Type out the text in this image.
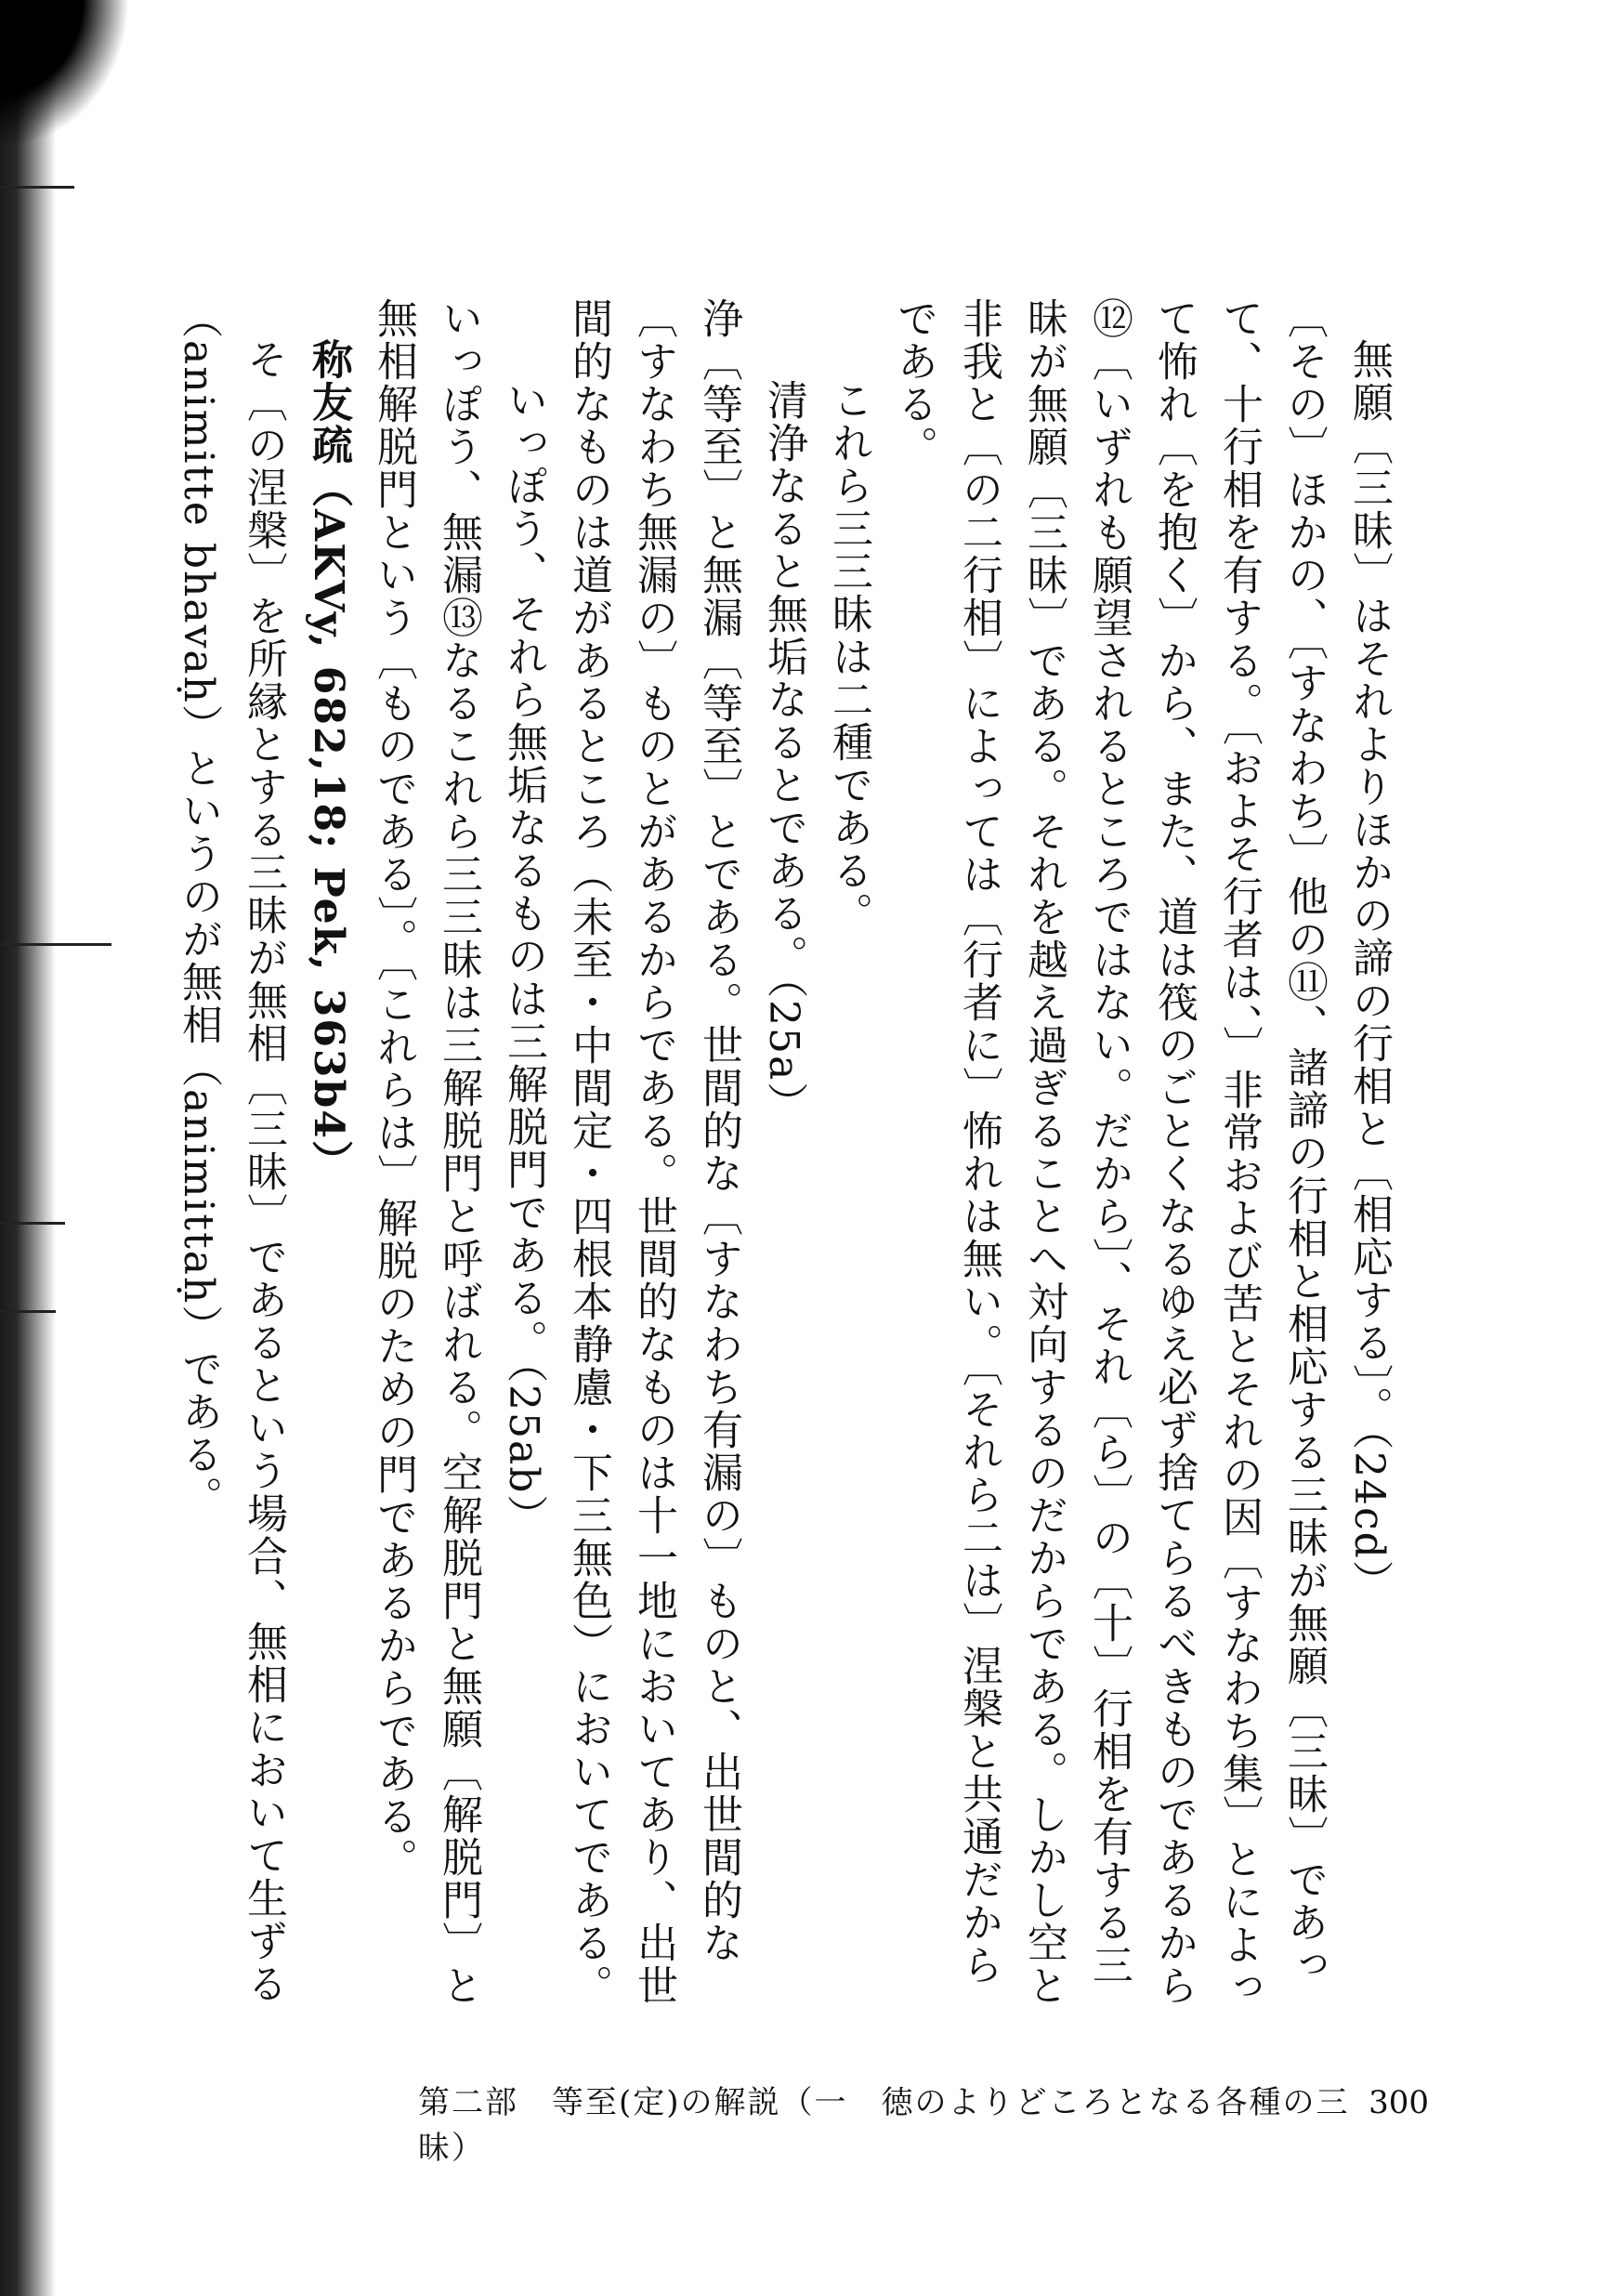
無願〔三昧〕はそれよりほかの諦の行相と〔相応する〕。（24cd）

〔その〕ほかの、〔すなわち〕他の⑪、諸諦の行相と相応する三昧が無願〔三昧〕であって、十行相を有する。〔およそ行者は、〕非常および苦とそれの因〔すなわち集〕とによって怖れ〔を抱く〕から、また、道は筏のごとくなるゆえ必ず捨てらるべきものであるから⑫〔いずれも願望されるところではない。だから〕、それ〔ら〕の〔十〕行相を有する三昧が無願〔三昧〕である。それを越え過ぎることへ対向するのだからである。しかし空と非我と〔の二行相〕によっては〔行者に〕怖れは無い。〔それら二は〕涅槃と共通だからである。

これら三三昧は二種である。

清浄なると無垢なるとである。（25a）

浄〔等至〕と無漏〔等至〕とである。世間的な〔すなわち有漏の〕ものと、出世間的な〔すなわち無漏の〕ものとがあるからである。世間的なものは十一地においてあり、出世間的なものは道があるところ（未至・中間定・四根本静慮・下三無色）においてである。

いっぽう、それら無垢なるものは三解脱門である。（25ab）

いっぽう、無漏⑬なるこれら三三昧は三解脱門と呼ばれる。空解脱門と無願〔解脱門〕と無相解脱門という〔ものである〕。〔これらは〕解脱のための門であるからである。

称友疏（AKVy, 682,18; Pek, 363b4）

そ〔の涅槃〕を所縁とする三昧が無相〔三昧〕であるという場合、無相において生ずる（animitte bhavaḥ）というのが無相（animittaḥ）である。

第二部　等至(定)の解説（一　徳のよりどころとなる各種の三昧）
300
